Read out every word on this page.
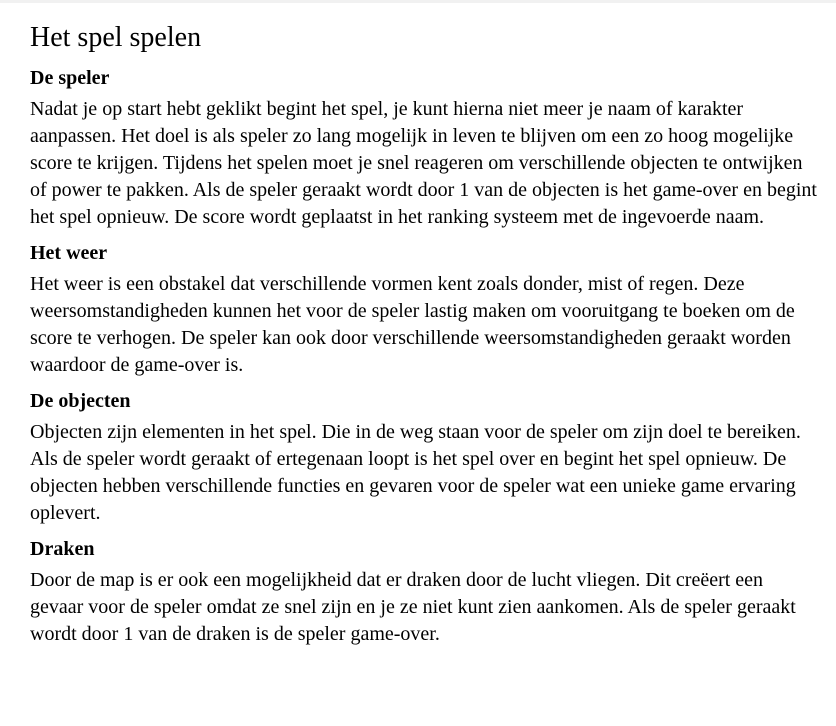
Het spel spelen
De speler

Nadat je op start hebt geklikt begint het spel, je kunt hierna niet meer je naam of karakter aanpassen. Het doel is als speler zo lang mogelijk in leven te blijven om een zo hoog mogelijke score te krijgen. Tijdens het spelen moet je snel reageren om verschillende objecten te ontwijken of power te pakken. Als de speler geraakt wordt door 1 van de objecten is het game-over en begint het spel opnieuw. De score wordt geplaatst in het ranking systeem met de ingevoerde naam.

Het weer

Het weer is een obstakel dat verschillende vormen kent zoals donder, mist of regen. Deze weersomstandigheden kunnen het voor de speler lastig maken om vooruitgang te boeken om de score te verhogen. De speler kan ook door verschillende weersomstandigheden geraakt worden waardoor de game-over is.

De objecten

Objecten zijn elementen in het spel. Die in de weg staan voor de speler om zijn doel te bereiken. Als de speler wordt geraakt of ertegenaan loopt is het spel over en begint het spel opnieuw. De objecten hebben verschillende functies en gevaren voor de speler wat een unieke game ervaring oplevert.

Draken

Door de map is er ook een mogelijkheid dat er draken door de lucht vliegen. Dit creëert een gevaar voor de speler omdat ze snel zijn en je ze niet kunt zien aankomen. Als de speler geraakt wordt door 1 van de draken is de speler game-over.
